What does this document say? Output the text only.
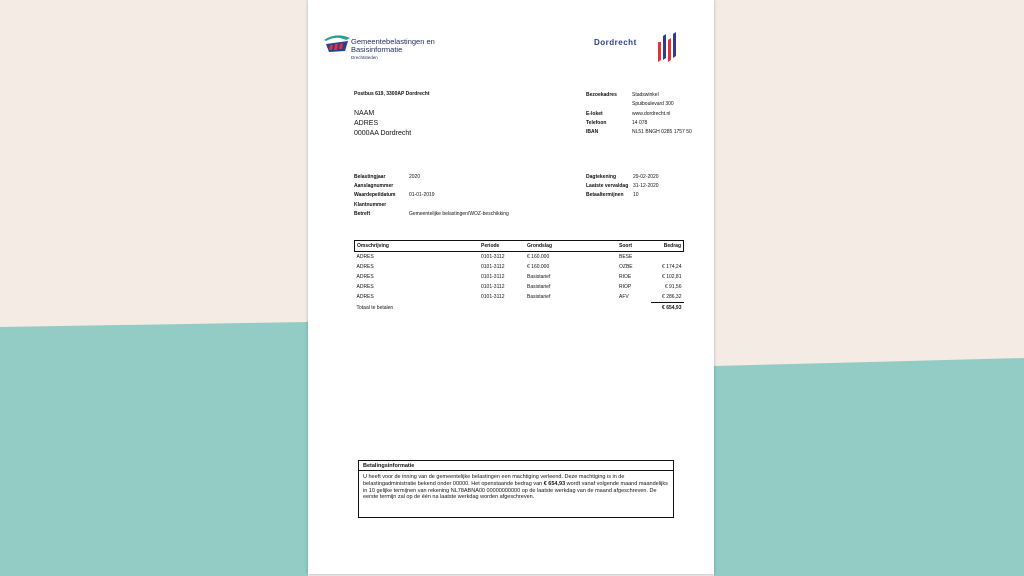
Gemeentebelastingen en
Basisinformatie
Drechtsteden
Dordrecht
Postbus 619, 3300AP Dordrecht
NAAM
ADRES
0000AA Dordrecht
Bezoekadres	Stadswinkel
Spuiboulevard 300
E-loket	www.dordrecht.nl
Telefoon	14 078
IBAN	NL51 BNGH 0285 1757 50
Belastingjaar	2020
Aanslagnummer
Waardepeildatum	01-01-2019
Klantnummer
Betreft	Gemeentelijke belastingen/WOZ-beschikking
Dagtekening	29-02-2020
Laatste vervaldag 31-12-2020
Betaaltermijnen 10
Omschrijving	Periode	Grondslag	Soort	Bedrag
ADRES	0101-3112	€ 160.000	BESE	
ADRES	0101-3112	€ 160.000	OZBE	€ 174,24
ADRES	0101-3112	Basistarief	RIOE	€ 102,81
ADRES	0101-3112	Basistarief	RIOP	€ 91,56
ADRES	0101-3112	Basistarief	AFV	€ 286,32
Totaal te betalen				€ 654,93
Betalingsinformatie
U heeft voor de inning van de gemeentelijke belastingen een machtiging verleend. Deze machtiging is in de belastingadministratie bekend onder 00000. Het openstaande bedrag van € 654,93 wordt vanaf volgende maand maandelijks in 10 gelijke termijnen van rekening NL78ABNA00 00000000000 op de laatste werkdag van de maand afgeschreven. De eerste termijn zal op de één na laatste werkdag worden afgeschreven.
